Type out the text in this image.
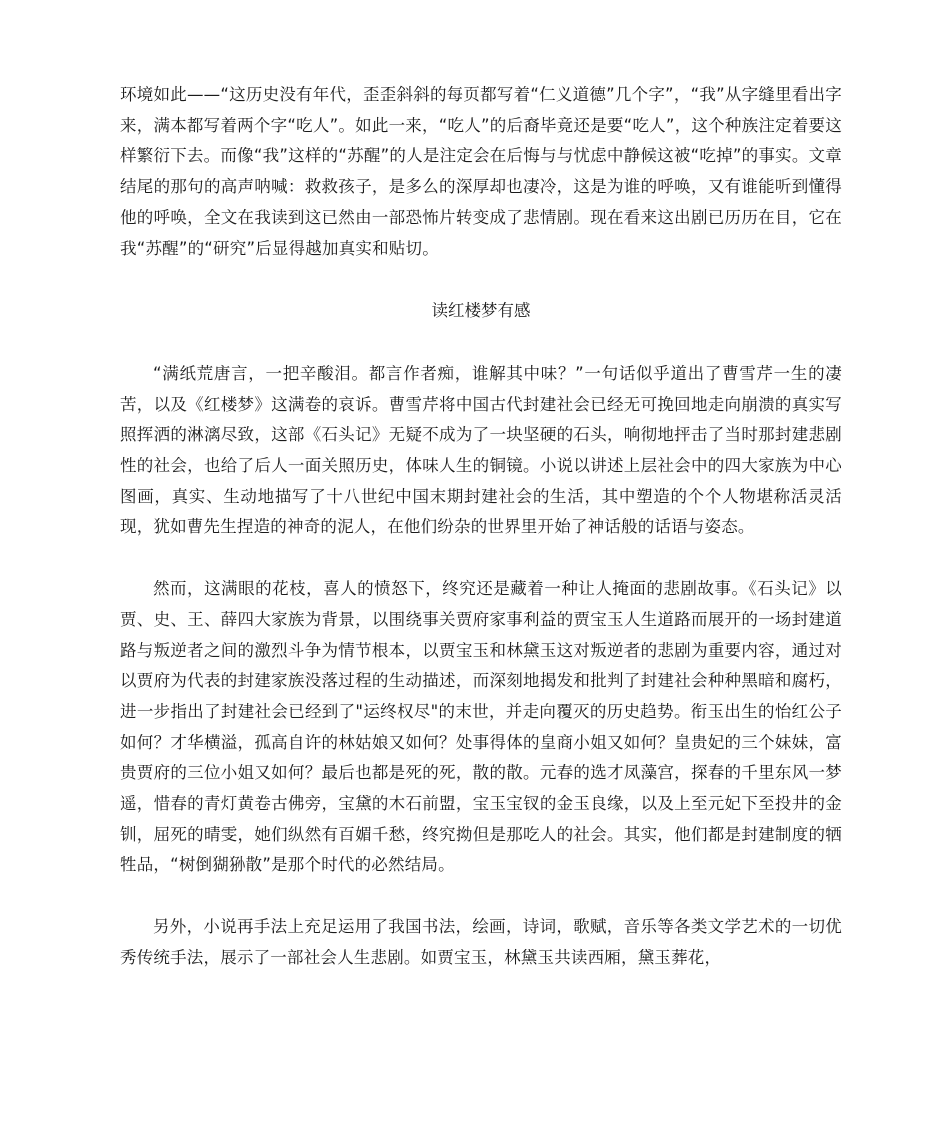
环境如此——“这历史没有年代，歪歪斜斜的每页都写着“仁义道德”几个字”，“我”从字缝里看出字来，满本都写着两个字“吃人”。如此一来，“吃人”的后裔毕竟还是要“吃人”，这个种族注定着要这样繁衍下去。而像“我”这样的“苏醒”的人是注定会在后悔与与忧虑中静候这被“吃掉”的事实。文章结尾的那句的高声呐喊：救救孩子，是多么的深厚却也凄冷，这是为谁的呼唤，又有谁能听到懂得他的呼唤，全文在我读到这已然由一部恐怖片转变成了悲情剧。现在看来这出剧已历历在目，它在我“苏醒”的“研究”后显得越加真实和贴切。

读红楼梦有感

“满纸荒唐言，一把辛酸泪。都言作者痴，谁解其中味？”一句话似乎道出了曹雪芹一生的凄苦，以及《红楼梦》这满卷的哀诉。曹雪芹将中国古代封建社会已经无可挽回地走向崩溃的真实写照挥洒的淋漓尽致，这部《石头记》无疑不成为了一块坚硬的石头，响彻地抨击了当时那封建悲剧性的社会，也给了后人一面关照历史，体味人生的铜镜。小说以讲述上层社会中的四大家族为中心图画，真实、生动地描写了十八世纪中国末期封建社会的生活，其中塑造的个个人物堪称活灵活现，犹如曹先生捏造的神奇的泥人，在他们纷杂的世界里开始了神话般的话语与姿态。

然而，这满眼的花枝，喜人的愤怒下，终究还是藏着一种让人掩面的悲剧故事。《石头记》以贾、史、王、薛四大家族为背景，以围绕事关贾府家事利益的贾宝玉人生道路而展开的一场封建道路与叛逆者之间的激烈斗争为情节根本，以贾宝玉和林黛玉这对叛逆者的悲剧为重要内容，通过对以贾府为代表的封建家族没落过程的生动描述，而深刻地揭发和批判了封建社会种种黑暗和腐朽，进一步指出了封建社会已经到了"运终权尽"的末世，并走向覆灭的历史趋势。衔玉出生的怡红公子如何？才华横溢，孤高自许的林姑娘又如何？处事得体的皇商小姐又如何？皇贵妃的三个妹妹，富贵贾府的三位小姐又如何？最后也都是死的死，散的散。元春的选才凤藻宫，探春的千里东风一梦遥，惜春的青灯黄卷古佛旁，宝黛的木石前盟，宝玉宝钗的金玉良缘，以及上至元妃下至投井的金钏，屈死的晴雯，她们纵然有百媚千愁，终究拗但是那吃人的社会。其实，他们都是封建制度的牺牲品，“树倒猢狲散”是那个时代的必然结局。

另外，小说再手法上充足运用了我国书法，绘画，诗词，歌赋，音乐等各类文学艺术的一切优秀传统手法，展示了一部社会人生悲剧。如贾宝玉，林黛玉共读西厢，黛玉葬花，
